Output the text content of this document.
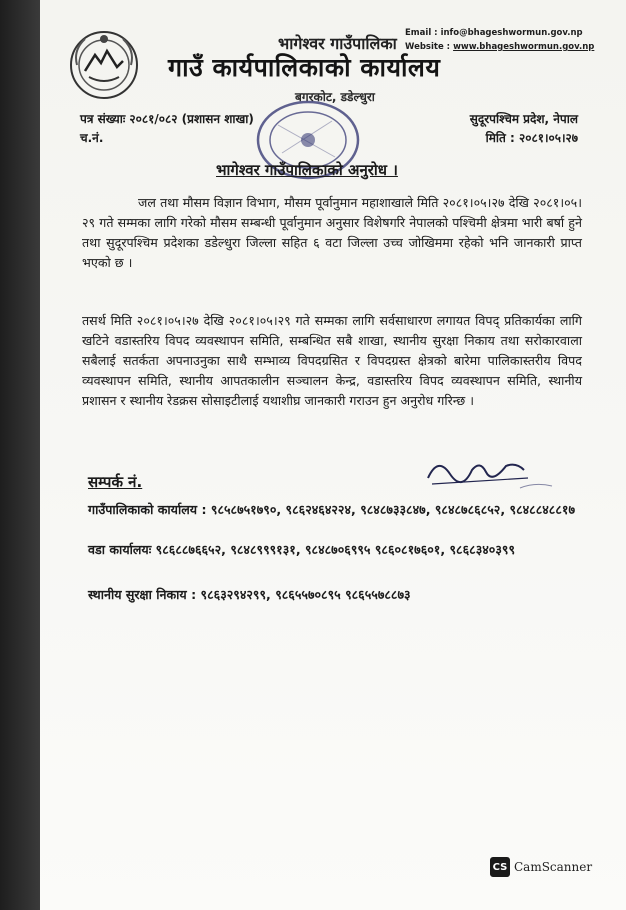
भागेश्वर गाउँपालिका
Email : info@bhageshwormun.gov.np
Website : www.bhageshwormun.gov.np
गाउँ कार्यपालिकाको कार्यालय
बगरकोट, डडेल्धुरा
पत्र संख्याः २०८१/०८२ (प्रशासन शाखा)
च.नं.
सुदूरपश्चिम प्रदेश, नेपाल
मिति : २०८१।०५।२७
भागेश्वर गाउँपालिकाको अनुरोध ।
जल तथा मौसम विज्ञान विभाग, मौसम पूर्वानुमान महाशाखाले मिति २०८१।०५।२७ देखि २०८१।०५।२९ गते सम्मका लागि गरेको मौसम सम्बन्धी पूर्वानुमान अनुसार विशेषगरि नेपालको पश्चिमी क्षेत्रमा भारी बर्षा हुने तथा सुदूरपश्चिम प्रदेशका डडेल्धुरा जिल्ला सहित ६ वटा जिल्ला उच्च जोखिममा रहेको भनि जानकारी प्राप्त भएको छ ।
तसर्थ मिति २०८१।०५।२७ देखि २०८१।०५।२९ गते सम्मका लागि सर्वसाधारण लगायत विपद् प्रतिकार्यका लागि खटिने वडास्तरिय विपद व्यवस्थापन समिति, सम्बन्धित सबै शाखा, स्थानीय सुरक्षा निकाय तथा सरोकारवाला सबैलाई सतर्कता अपनाउनुका साथै सम्भाव्य विपदग्रसित र विपदग्रस्त क्षेत्रको बारेमा पालिकास्तरीय विपद व्यवस्थापन समिति, स्थानीय आपतकालीन सञ्चालन केन्द्र, वडास्तरिय विपद व्यवस्थापन समिति, स्थानीय प्रशासन र स्थानीय रेडक्रस सोसाइटीलाई यथाशीघ्र जानकारी गराउन हुन अनुरोध गरिन्छ ।
सम्पर्क नं.
गाउँपालिकाको कार्यालय : ९८५८७५१७९०, ९८६२४६४२२४, ९८४८७३३८४७, ९८४८७८६८५२, ९८४८८४८८१७
वडा कार्यालयः ९८६८८७६६५२, ९८४८९९९१३१, ९८४८७०६९९५ ९८६०८१७६०१, ९८६८३४०३९९
स्थानीय सुरक्षा निकाय : ९८६३२९४२९९, ९८६५५७०८९५ ९८६५५७८८७३
CS CamScanner
